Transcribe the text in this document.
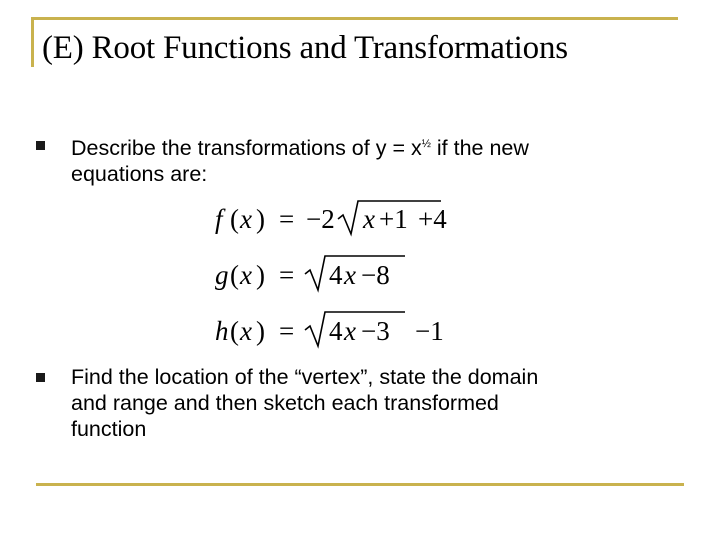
(E) Root Functions and Transformations
Describe the transformations of $y = x^{\frac{1}{2}}$ if the new
equations are:
f ( x ) = −2 x +1 +4
g ( x ) = 4 x −8
h ( x ) = 4 x −3 −1
Find the location of the “vertex”, state the domain
and range and then sketch each transformed
function
